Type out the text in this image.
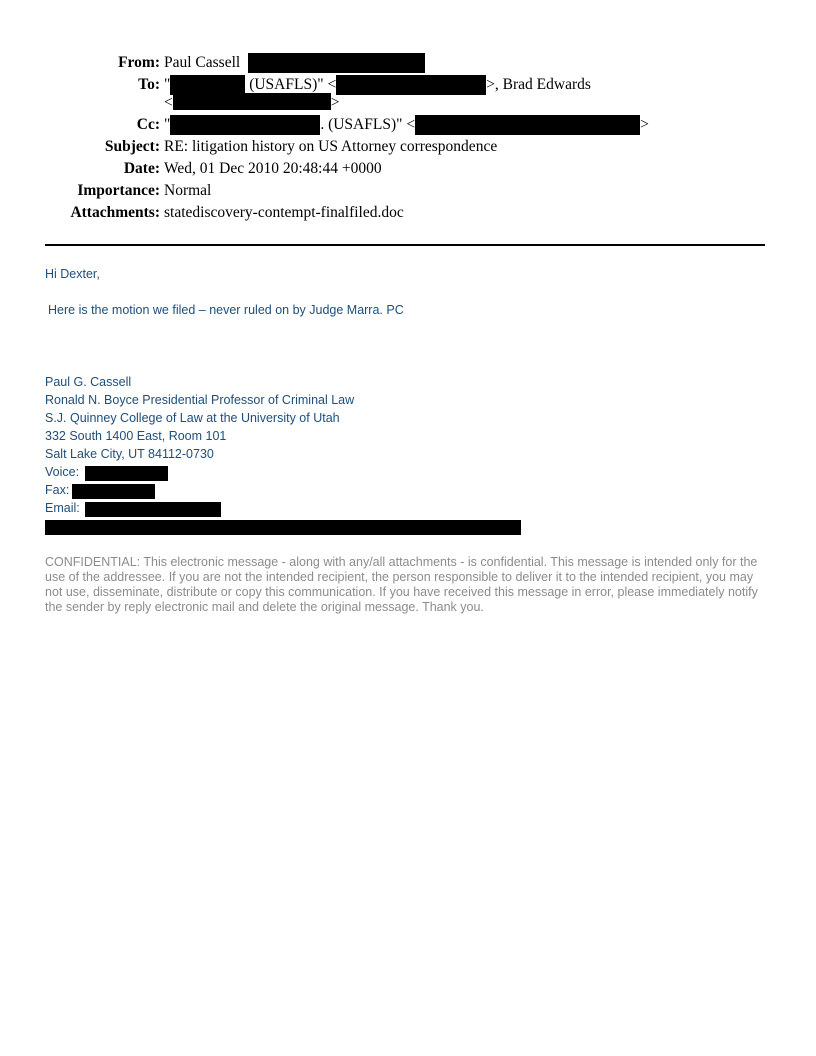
From: Paul Cassell
To: "	(USAFLS)" <	>, Brad Edwards
<	>
Cc: "	. (USAFLS)" <	>
Subject: RE: litigation history on US Attorney correspondence
Date: Wed, 01 Dec 2010 20:48:44 +0000
Importance: Normal
Attachments: statediscovery-contempt-finalfiled.doc
Hi Dexter,
Here is the motion we filed – never ruled on by Judge Marra. PC
Paul G. Cassell
Ronald N. Boyce Presidential Professor of Criminal Law
S.J. Quinney College of Law at the University of Utah
332 South 1400 East, Room 101
Salt Lake City, UT 84112-0730
Voice:
Fax:
Email:
CONFIDENTIAL: This electronic message - along with any/all attachments - is confidential. This message is intended only for the use of the addressee. If you are not the intended recipient, the person responsible to deliver it to the intended recipient, you may not use, disseminate, distribute or copy this communication. If you have received this message in error, please immediately notify the sender by reply electronic mail and delete the original message. Thank you.
